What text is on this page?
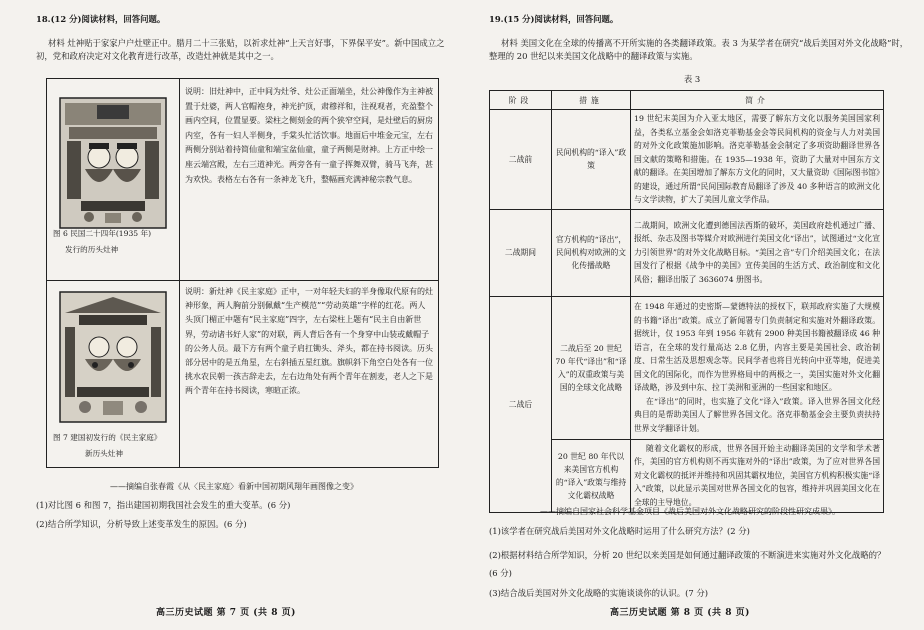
18.(12 分)阅读材料，回答问题。
材料 灶神贴于家家户户灶壁正中。腊月二十三张贴，以祈求灶神“上天言好事，下界保平安”。新中国成立之初，党和政府决定对文化教育进行改革，改造灶神就是其中之一。
图 6 民国二十四年(1935 年)
发行的历头灶神
说明：旧灶神中，正中间为灶爷、灶公正面端坐，灶公神像作为主神被置于灶婆，两人官帽袍身，神光护顶，肃穆祥和，注视观者，充盈整个画内空间，位置显要。梁柱之侧刻金的两个狭窄空间，是灶壁后的厨房内室，各有一妇人半侧身，手棠头忙活饮事。地面后中堆金元宝，左右两侧分别站着持简仙童和端宝盆仙童，童子两侧是财神。上方正中绘一座云端宫殿，左右三道神光。两旁各有一童子挥舞双臂，骑马飞奔，甚为欢快。表格左右各有一条神龙飞升，整幅画充满神秘宗教气息。
图 7 建国初发行的《民主家庭》
新历头灶神
说明：新灶神《民主家庭》正中，一对年轻夫妇的半身像取代原有的灶神形象，两人胸前分别佩戴“生产模范”“劳动英雄”字样的红花。两人头顶门楣正中题有“民主家庭”四字，左右梁柱上题有“民主自由新世界，劳动诸书好人家”的对联，两人背后各有一个身穿中山装或戴帽子的公务人员。最下方有两个童子肩扛锄头、斧头，都在持书阅读。历头部分居中的是五角星，左右斜插五星红旗。旗帜斜下角空白处各有一位挑水农民朝一孩吉辞走去，左右边角处有两个青年在割麦，老人之下是两个青年在持书阅读，寒暄正浓。
——摘编自张春霞《从〈民主家庭〉看新中国初期风翔年画图像之变》
(1)对比图 6 和图 7，指出建国初期我国社会发生的重大变革。(6 分)
(2)结合所学知识，分析导致上述变革发生的原因。(6 分)
高三历史试题 第 7 页 (共 8 页)
19.(15 分)阅读材料，回答问题。
材料 美国文化在全球的传播离不开所实施的各类翻译政策。表 3 为某学者在研究“战后美国对外文化战略”时，整理的 20 世纪以来美国文化战略中的翻译政策与实施。
表 3
阶段	措施	简介
二战前	民间机构的“译入”政策	19 世纪末美国为介入亚太地区，需要了解东方文化以服务美国国家利益，各类私立基金会如洛克菲勒基金会等民间机构的资金与人力对美国的对外文化政策施加影响。洛克菲勒基金会制定了多项资助翻译世界各国文献的策略和措施。在 1935—1938 年，资助了大量对中国东方文献的翻译。在美国增加了解东方文化的同时，又大量资助《国际图书馆》的建设，通过所谓“民间国际教育局翻译了涉及 40 多种语言的欧洲文化与文学读物，扩大了美国儿童文学作品。
二战期间	官方机构的“译出”，民间机构对欧洲的文化传播战略	二战期间，欧洲文化遭到德国法西斯的破坏，美国政府趁机通过广播、报纸、杂志及图书等媒介对欧洲进行美国文化“译出”，试图通过“文化宣力引领世界”的对外文化战略目标。“美国之音”专门介绍美国文化；在法国发行了根据《战争中的美国》宣传美国的生活方式、政治制度和文化风俗；翻译出版了 3636074 册图书。
二战后	二战后至 20 世纪 70 年代“译出”和“译入”的双重政策与美国的全球文化战略	在 1948 年通过的史密斯—蒙德特法的授权下，联邦政府实施了大规模的书籍“译出”政策。成立了新闻署专门负责制定和实施对外翻译政策。据统计，仅 1953 年到 1956 年就有 2900 种美国书籍被翻译成 46 种语言，在全球的发行量高达 2.8 亿册，内容主要是美国社会、政治制度、日常生活及思想观念等。民间学者也将目光转向中亚等地，促进美国文化的国际化，而作为世界格局中的两极之一，美国实施对外文化翻译战略，涉及到中东、拉丁美洲和亚洲的一些国家和地区。
在“译出”的同时，也实施了文化“译入”政策。译入世界各国文化经典目的是帮助美国人了解世界各国文化。洛克菲勒基金会主要负责扶持世界文学翻译计划。
	20 世纪 80 年代以来美国官方机构的“译入”政策与维持文化霸权战略	随着文化霸权的形成，世界各国开始主动翻译美国的文学和学术著作，美国的官方机构则不再实施对外的“译出”政策，为了应对世界各国对文化霸权的抵评并维持和巩固其霸权地位，美国官方机构积极实施“译入”政策，以此显示美国对世界各国文化的包容，维持并巩固美国文化在全球的主导地位。
——摘编自国家社会科学基金项目《战后美国对外文化战略研究的阶段性研究成果》。
(1)该学者在研究战后美国对外文化战略时运用了什么研究方法？(2 分)
(2)根据材料结合所学知识，分析 20 世纪以来美国是如何通过翻译政策的不断演进来实施对外文化战略的？(6 分)
(3)结合战后美国对外文化战略的实施谈谈你的认识。(7 分)
高三历史试题 第 8 页 (共 8 页)
